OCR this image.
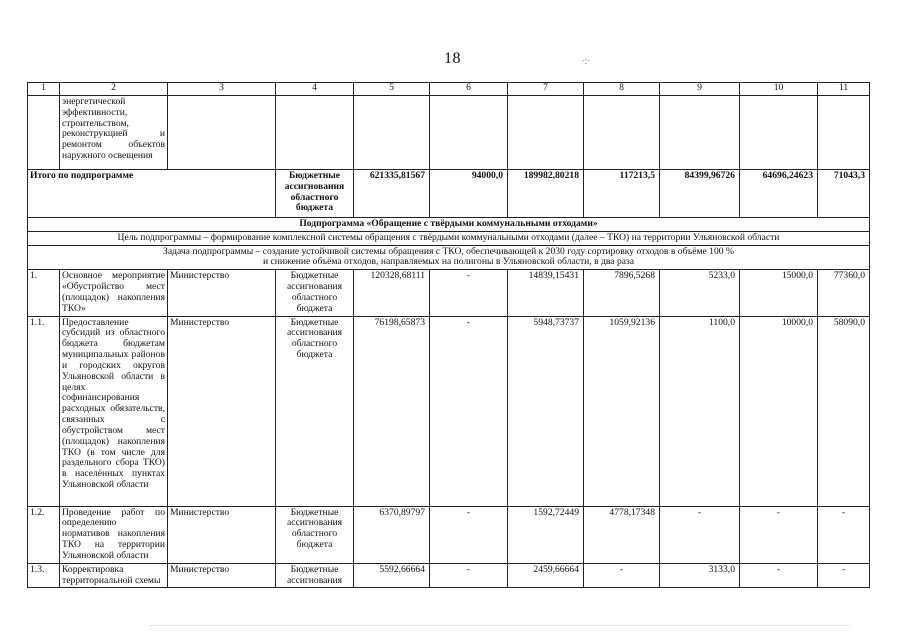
18	∙:∙
1	2	3	4	5	6	7	8	9	10	11
	энергетической эффективности, строительством, реконструкцией и ремонтом объектов наружного освещения									
Итого по подпрограмме			Бюджетные ассигнования областного бюджета	621335,81567	94000,0	189982,80218	117213,5	84399,96726	64696,24623	71043,3
Подпрограмма «Обращение с твёрдыми коммунальными отходами»										
Цель подпрограммы – формирование комплексной системы обращения с твёрдыми коммунальными отходами (далее – ТКО) на территории Ульяновской области										

Задача подпрограммы – создание устойчивой системы обращения с ТКО, обеспечивающей к 2030 году сортировку отходов в объёме 100 %
и снижение объёма отходов, направляемых на полигоны в Ульяновской области, в два раза										

1.	Основное мероприятие «Обустройство мест (площадок) накопления ТКО»	Министерство	Бюджетные ассигнования областного бюджета	120328,68111	-	14839,15431	7896,5268	5233,0	15000,0	77360,0
1.1.	Предоставление субсидий из областного бюджета бюджетам муниципальных районов и городских округов Ульяновской области в целях софинансирования расходных обязательств, связанных с обустройством мест (площадок) накопления ТКО (в том числе для раздельного сбора ТКО) в населённых пунктах Ульяновской области	Министерство	Бюджетные ассигнования областного бюджета	76198,65873	-	5948,73737	1059,92136	1100,0	10000,0	58090,0
1.2.	Проведение работ по определению нормативов накопления ТКО на территории Ульяновской области	Министерство	Бюджетные ассигнования областного бюджета	6370,89797	-	1592,72449	4778,17348	-	-	-
1.3.	Корректировка территориальной схемы	Министерство	Бюджетные ассигнования	5592,66664	-	2459,66664	-	3133,0	-	-
